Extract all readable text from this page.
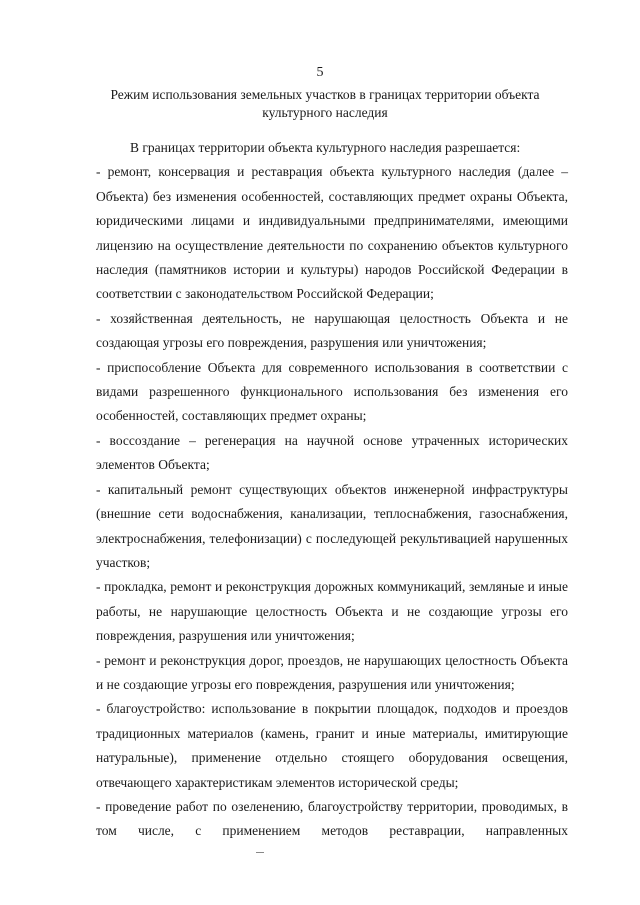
5
Режим использования земельных участков в границах территории объекта культурного наследия

В границах территории объекта культурного наследия разрешается:

- ремонт, консервация и реставрация объекта культурного наследия (далее – Объекта) без изменения особенностей, составляющих предмет охраны Объекта, юридическими лицами и индивидуальными предпринимателями, имеющими лицензию на осуществление деятельности по сохранению объектов культурного наследия (памятников истории и культуры) народов Российской Федерации в соответствии с законодательством Российской Федерации;

- хозяйственная деятельность, не нарушающая целостность Объекта и не создающая угрозы его повреждения, разрушения или уничтожения;

- приспособление Объекта для современного использования в соответствии с видами разрешенного функционального использования без изменения его особенностей, составляющих предмет охраны;

- воссоздание – регенерация на научной основе утраченных исторических элементов Объекта;

- капитальный ремонт существующих объектов инженерной инфраструктуры (внешние сети водоснабжения, канализации, теплоснабжения, газоснабжения, электроснабжения, телефонизации) с последующей рекультивацией нарушенных участков;

- прокладка, ремонт и реконструкция дорожных коммуникаций, земляные и иные работы, не нарушающие целостность Объекта и не создающие угрозы его повреждения, разрушения или уничтожения;

- ремонт и реконструкция дорог, проездов, не нарушающих целостность Объекта и не создающие угрозы его повреждения, разрушения или уничтожения;

- благоустройство: использование в покрытии площадок, подходов и проездов традиционных материалов (камень, гранит и иные материалы, имитирующие натуральные), применение отдельно стоящего оборудования освещения, отвечающего характеристикам элементов исторической среды;

- проведение работ по озеленению, благоустройству территории, проводимых, в том числе, с применением методов реставрации, направленных
